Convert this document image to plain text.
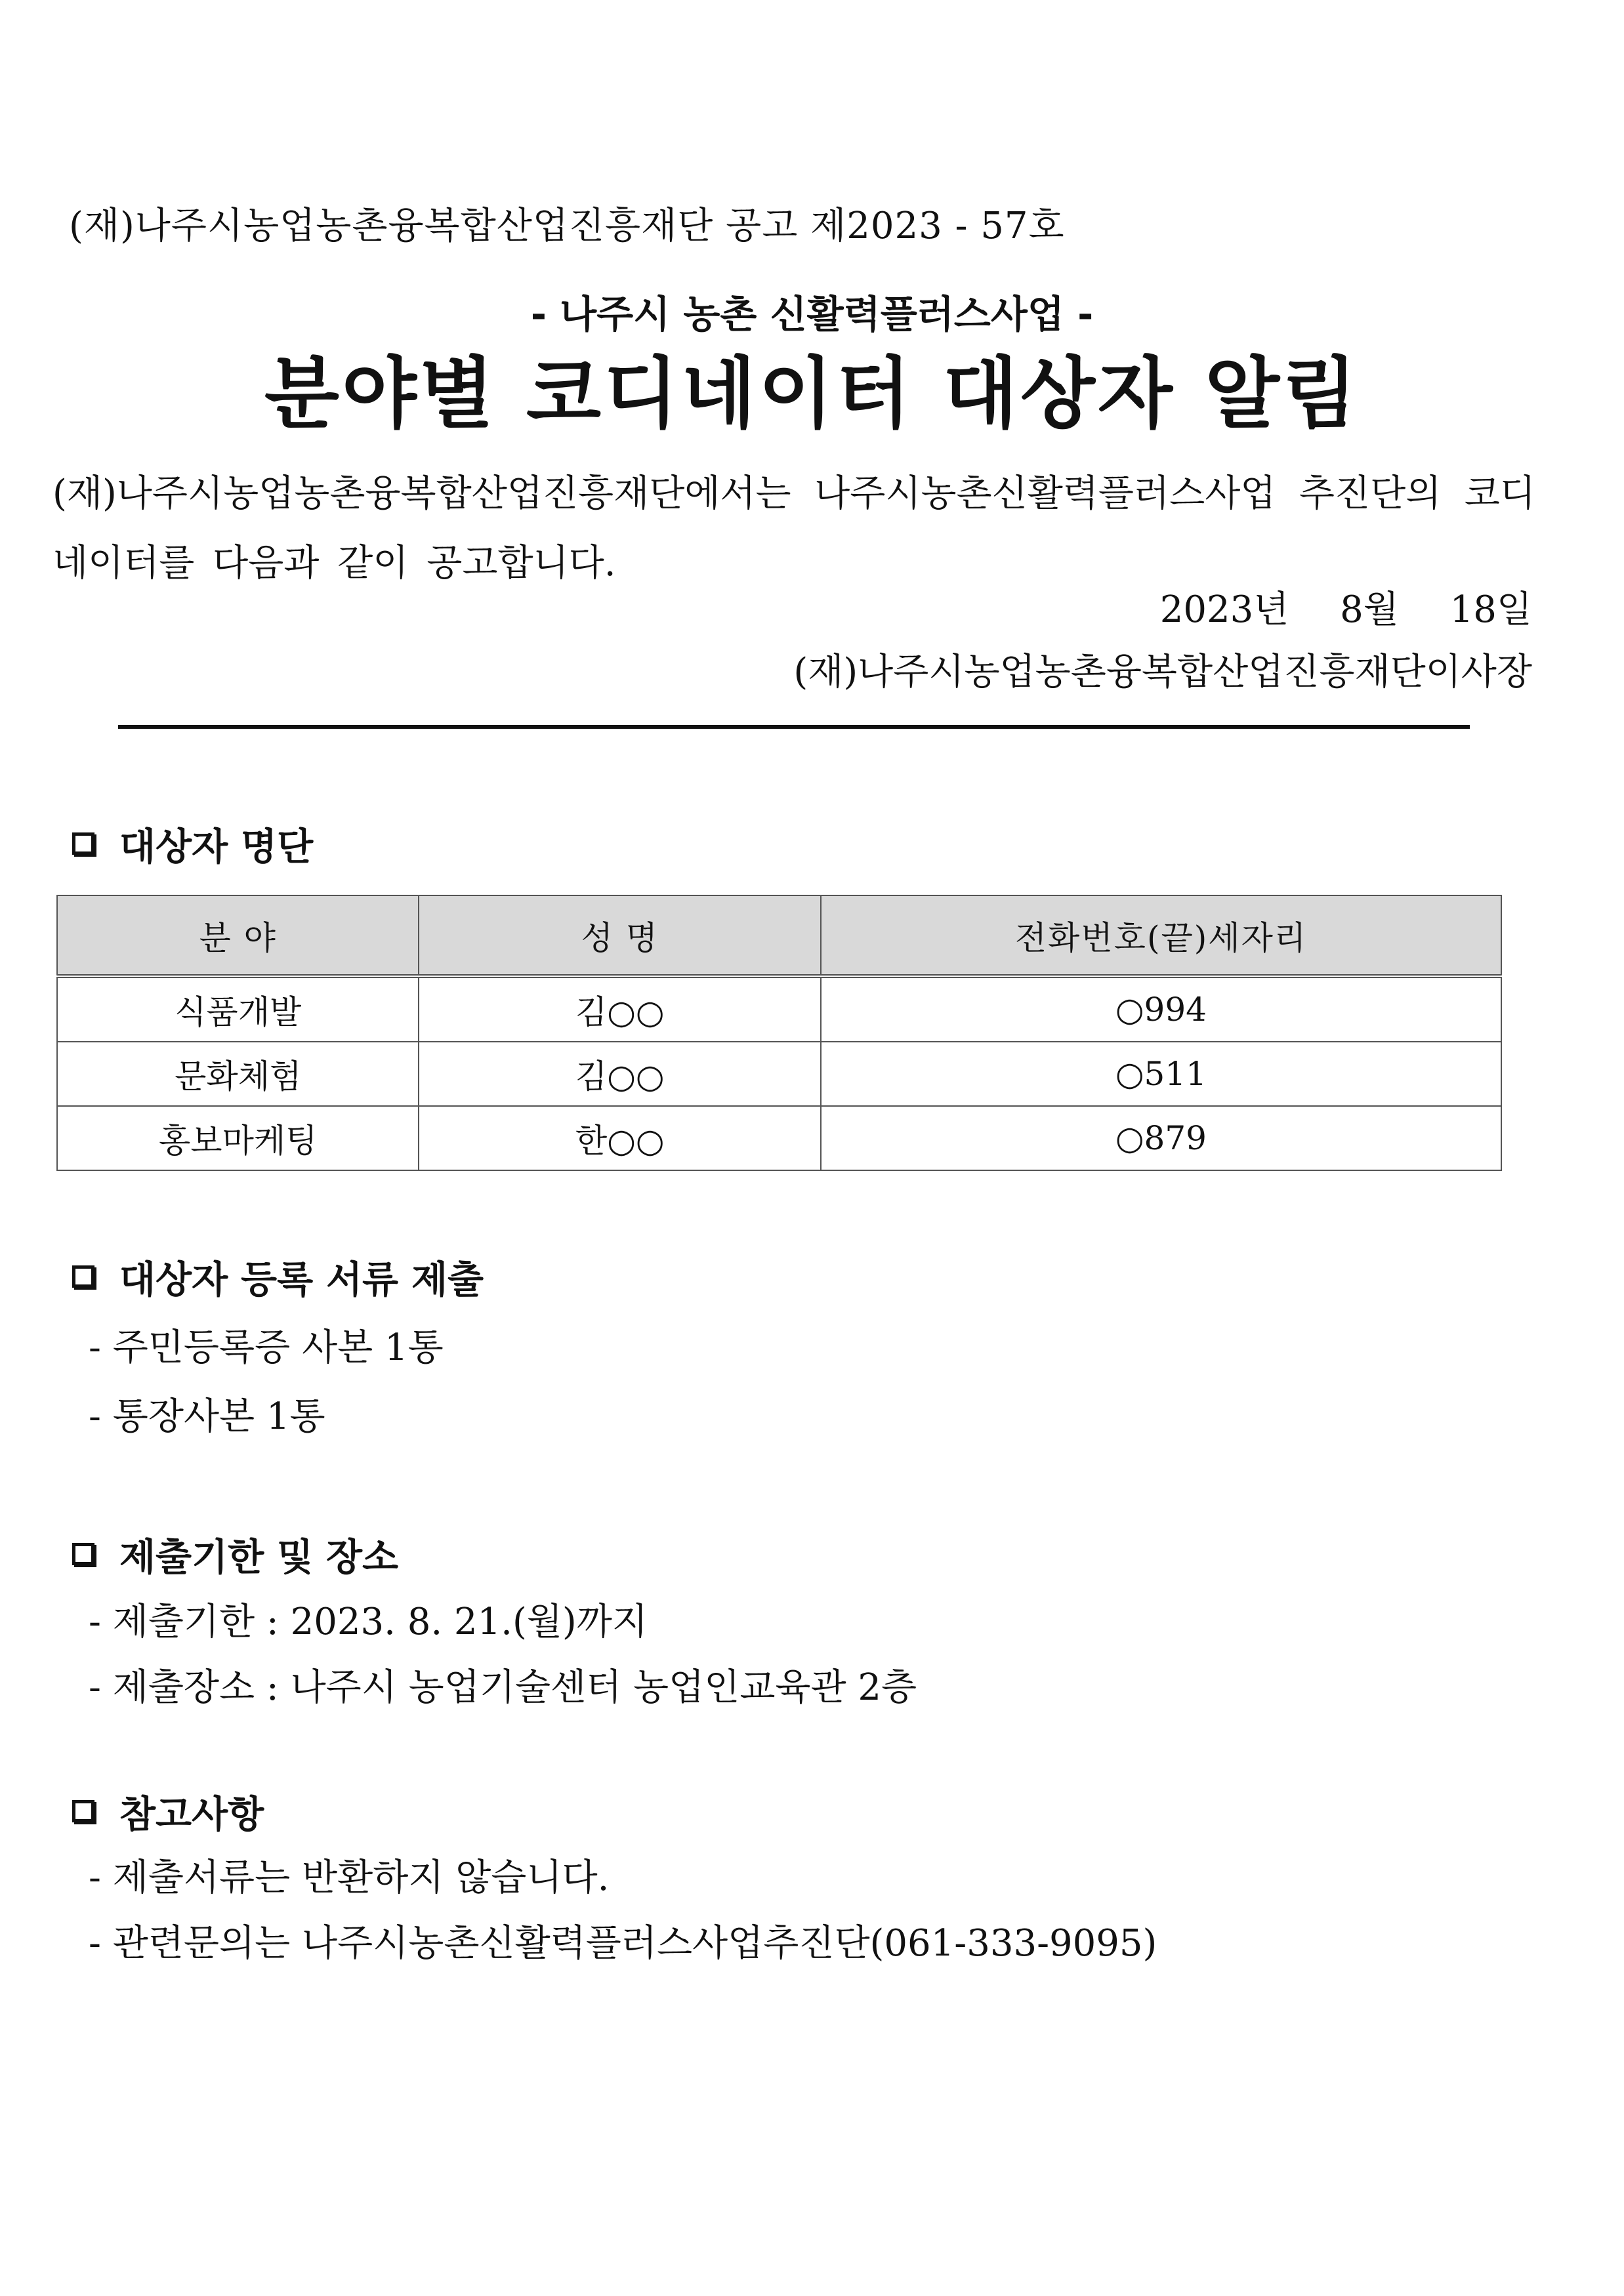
(재)나주시농업농촌융복합산업진흥재단 공고 제2023 - 57호
- 나주시 농촌 신활력플러스사업 -
분야별 코디네이터 대상자 알림
(재)나주시농업농촌융복합산업진흥재단에서는 나주시농촌신활력플러스사업 추진단의 코디네이터를 다음과 같이 공고합니다.
2023년 8월 18일
(재)나주시농업농촌융복합산업진흥재단이사장
대상자 명단
분 야	성 명	전화번호(끝)세자리
식품개발	김○○	○994
문화체험	김○○	○511
홍보마케팅	한○○	○879
대상자 등록 서류 제출
- 주민등록증 사본 1통
- 통장사본 1통
제출기한 및 장소
- 제출기한 : 2023. 8. 21.(월)까지
- 제출장소 : 나주시 농업기술센터 농업인교육관 2층
참고사항
- 제출서류는 반환하지 않습니다.
- 관련문의는 나주시농촌신활력플러스사업추진단(061-333-9095)
